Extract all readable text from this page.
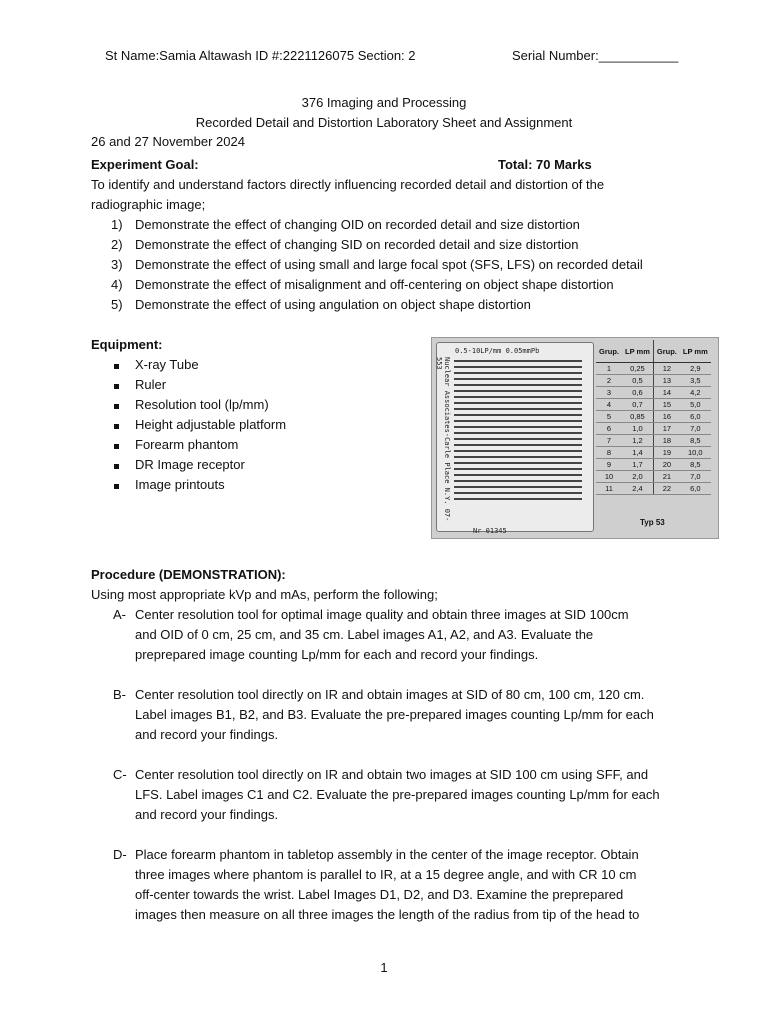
St Name:Samia Altawash ID #:2221126075 Section: 2	Serial Number:___________
376 Imaging and Processing
Recorded Detail and Distortion Laboratory Sheet and Assignment
26 and 27 November 2024
Experiment Goal:	Total: 70 Marks
To identify and understand factors directly influencing recorded detail and distortion of the
radiographic image;
1) Demonstrate the effect of changing OID on recorded detail and size distortion
2) Demonstrate the effect of changing SID on recorded detail and size distortion
3) Demonstrate the effect of using small and large focal spot (SFS, LFS) on recorded detail
4) Demonstrate the effect of misalignment and off-centering on object shape distortion
5) Demonstrate the effect of using angulation on object shape distortion
Equipment:
X-ray Tube
Ruler
Resolution tool (lp/mm)
Height adjustable platform
Forearm phantom
DR Image receptor
Image printouts
0.5-10LP/mm 0.05mmPb
Nuclear Associates-Carle Place N.Y. 07-553
Nr 01345
Grup.	LP mm	Grup.	LP mm
1	0,25	12	2,9
2	0,5	13	3,5
3	0,6	14	4,2
4	0,7	15	5,0
5	0,85	16	6,0
6	1,0	17	7,0
7	1,2	18	8,5
8	1,4	19	10,0
9	1,7	20	8,5
10	2,0	21	7,0
11	2,4	22	6,0
Typ 53
Procedure (DEMONSTRATION):
Using most appropriate kVp and mAs, perform the following;
A- Center resolution tool for optimal image quality and obtain three images at SID 100cm
and OID of 0 cm, 25 cm, and 35 cm. Label images A1, A2, and A3. Evaluate the
preprepared image counting Lp/mm for each and record your findings.
B- Center resolution tool directly on IR and obtain images at SID of 80 cm, 100 cm, 120 cm.
Label images B1, B2, and B3. Evaluate the pre-prepared images counting Lp/mm for each
and record your findings.
C- Center resolution tool directly on IR and obtain two images at SID 100 cm using SFF, and
LFS. Label images C1 and C2. Evaluate the pre-prepared images counting Lp/mm for each
and record your findings.
D- Place forearm phantom in tabletop assembly in the center of the image receptor. Obtain
three images where phantom is parallel to IR, at a 15 degree angle, and with CR 10 cm
off-center towards the wrist. Label Images D1, D2, and D3. Examine the preprepared
images then measure on all three images the length of the radius from tip of the head to
1
